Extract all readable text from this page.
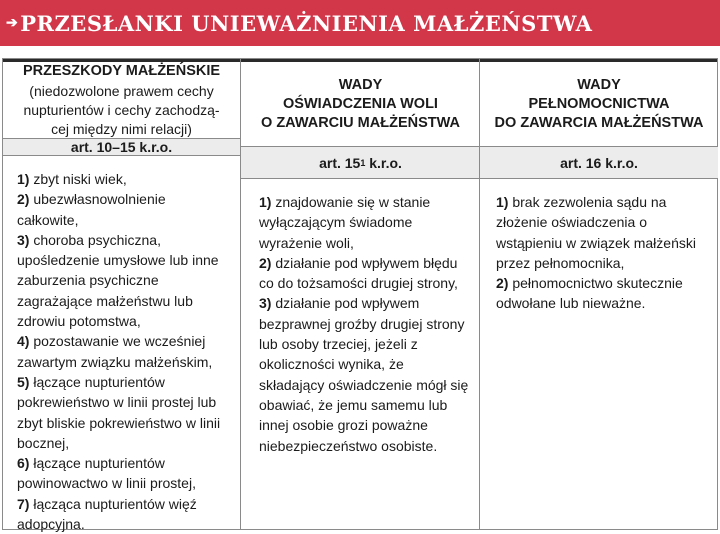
➔ PRZESŁANKI UNIEWAŻNIENIA MAŁŻEŃSTWA
PRZESZKODY MAŁŻEŃSKIE
(niedozwolone prawem cechy
nupturientów i cechy zachodzą-
cej między nimi relacji)
art. 10–15 k.r.o.

1) zbyt niski wiek,

2) ubezwłasnowolnienie całkowite,

3) choroba psychiczna, upośledzenie umysłowe lub inne zaburzenia psychiczne zagrażające małżeństwu lub zdrowiu potomstwa,

4) pozostawanie we wcześniej zawartym związku małżeńskim,

5) łączące nupturientów pokrewieństwo w linii prostej lub zbyt bliskie pokrewieństwo w linii bocznej,

6) łączące nupturientów powinowactwo w linii prostej,

7) łącząca nupturientów więź adopcyjna.

WADY
OŚWIADCZENIA WOLI
O ZAWARCIU MAŁŻEŃSTWA
art. 15 1 k.r.o.

1) znajdowanie się w stanie wyłączającym świadome wyrażenie woli,

2) działanie pod wpływem błędu co do tożsamości drugiej strony,

3) działanie pod wpływem bezprawnej groźby drugiej strony lub osoby trzeciej, jeżeli z okoliczności wynika, że składający oświadczenie mógł się obawiać, że jemu samemu lub innej osobie grozi poważne niebezpieczeństwo osobiste.

WADY
PEŁNOMOCNICTWA
DO ZAWARCIA MAŁŻEŃSTWA
art. 16 k.r.o.

1) brak zezwolenia sądu na złożenie oświadczenia o wstąpieniu w związek małżeński przez pełnomocnika,

2) pełnomocnictwo skutecznie odwołane lub nieważne.
